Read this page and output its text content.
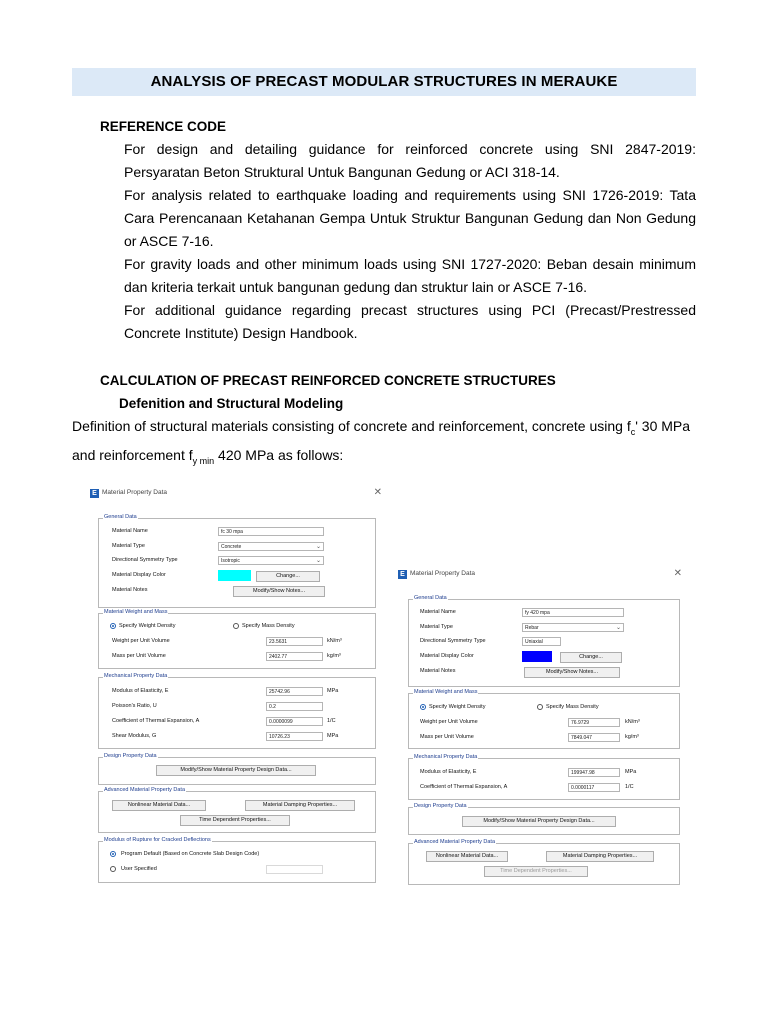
ANALYSIS OF PRECAST MODULAR STRUCTURES IN MERAUKE
REFERENCE CODE
For design and detailing guidance for reinforced concrete using SNI 2847-2019: Persyaratan Beton Struktural Untuk Bangunan Gedung or ACI 318-14.
For analysis related to earthquake loading and requirements using SNI 1726-2019: Tata Cara Perencanaan Ketahanan Gempa Untuk Struktur Bangunan Gedung dan Non Gedung or ASCE 7-16.
For gravity loads and other minimum loads using SNI 1727-2020: Beban desain minimum dan kriteria terkait untuk bangunan gedung dan struktur lain or ASCE 7-16.
For additional guidance regarding precast structures using PCI (Precast/Prestressed Concrete Institute) Design Handbook.
CALCULATION OF PRECAST REINFORCED CONCRETE STRUCTURES
Defenition and Structural Modeling
Definition of structural materials consisting of concrete and reinforcement, concrete using $f_c'$ 30 MPa and reinforcement $f_{y min}$ 420 MPa as follows:
E Material Property Data	✕
General Data
Material Name	fc 30 mpa
Material Type	Concrete	⌄
Directional Symmetry Type	Isotropic	⌄
Material Display Color	Change...
Material Notes	Modify/Show Notes...
Material Weight and Mass
Specify Weight Density	Specify Mass Density
Weight per Unit Volume	23.5631	kN/m³
Mass per Unit Volume	2402.77	kg/m³
Mechanical Property Data
Modulus of Elasticity, E	25742.96	MPa
Poisson's Ratio, U	0.2
Coefficient of Thermal Expansion, A	0.0000099	1/C
Shear Modulus, G	10726.23	MPa
Design Property Data
Modify/Show Material Property Design Data...
Advanced Material Property Data
Nonlinear Material Data...	Material Damping Properties...
Time Dependent Properties...
Modulus of Rupture for Cracked Deflections
Program Default (Based on Concrete Slab Design Code)
User Specified
E Material Property Data	✕
General Data
Material Name	fy 420 mpa
Material Type	Rebar	⌄
Directional Symmetry Type	Uniaxial
Material Display Color	Change...
Material Notes	Modify/Show Notes...
Material Weight and Mass
Specify Weight Density	Specify Mass Density
Weight per Unit Volume	76.9729	kN/m³
Mass per Unit Volume	7849.047	kg/m³
Mechanical Property Data
Modulus of Elasticity, E	199947.98	MPa
Coefficient of Thermal Expansion, A	0.0000117	1/C
Design Property Data
Modify/Show Material Property Design Data...
Advanced Material Property Data
Nonlinear Material Data...	Material Damping Properties...
Time Dependent Properties...
